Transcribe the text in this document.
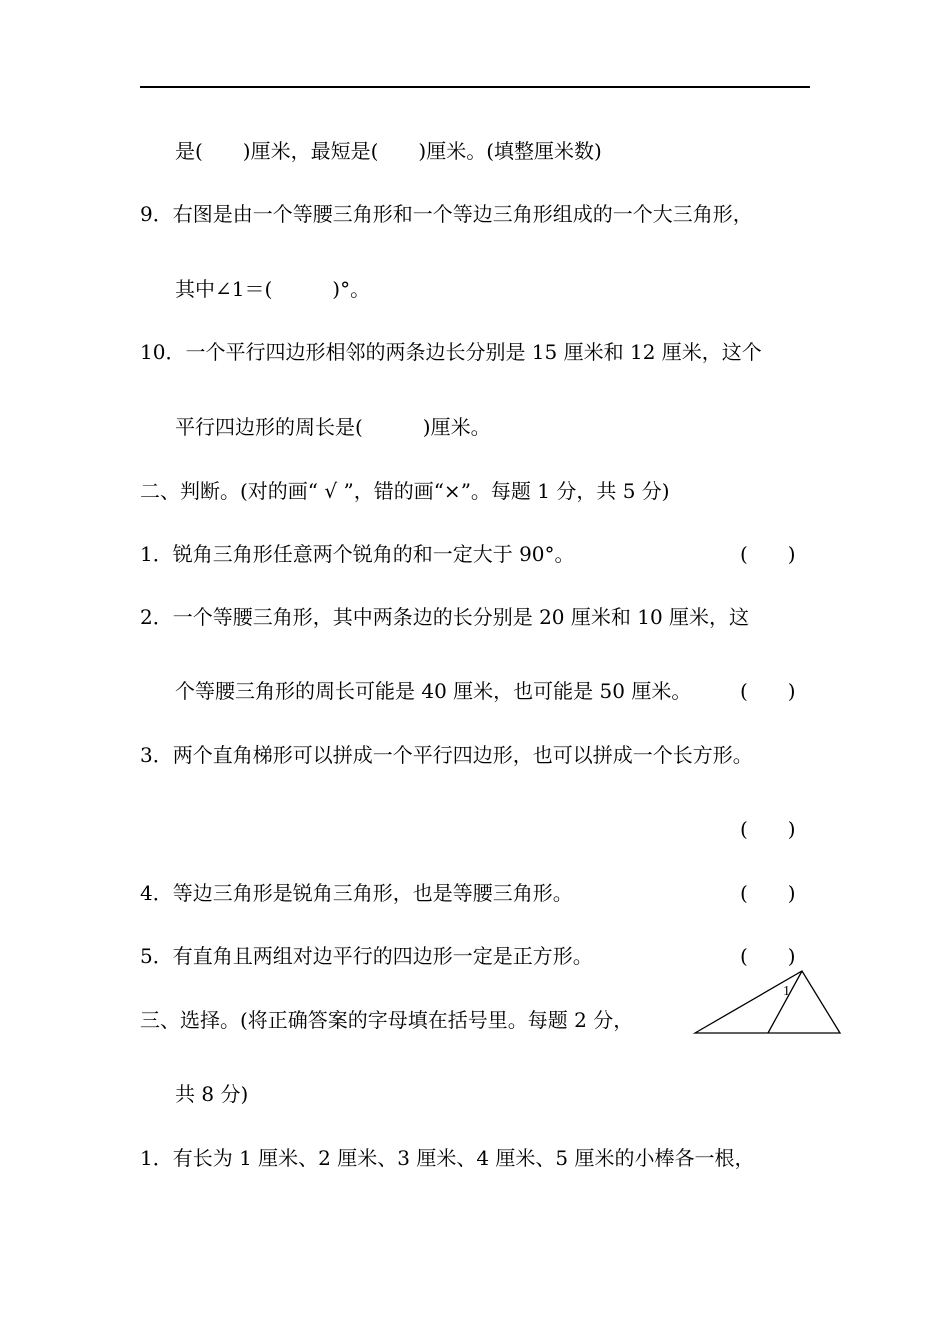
是(　　)厘米，最短是(　　)厘米。(填整厘米数)
9．右图是由一个等腰三角形和一个等边三角形组成的一个大三角形，
其中∠1＝(　　　)°。
10．一个平行四边形相邻的两条边长分别是 15 厘米和 12 厘米，这个
平行四边形的周长是(　　　)厘米。
二、判断。(对的画“ √ ”，错的画“×”。每题 1 分，共 5 分)
1．锐角三角形任意两个锐角的和一定大于 90°。	(　　)
2．一个等腰三角形，其中两条边的长分别是 20 厘米和 10 厘米，这
个等腰三角形的周长可能是 40 厘米，也可能是 50 厘米。 (　　)
3．两个直角梯形可以拼成一个平行四边形，也可以拼成一个长方形。
(　　)
4．等边三角形是锐角三角形，也是等腰三角形。	(　　)
5．有直角且两组对边平行的四边形一定是正方形。	(　　)
三、选择。(将正确答案的字母填在括号里。每题 2 分，
共 8 分)
1．有长为 1 厘米、2 厘米、3 厘米、4 厘米、5 厘米的小棒各一根，
1
